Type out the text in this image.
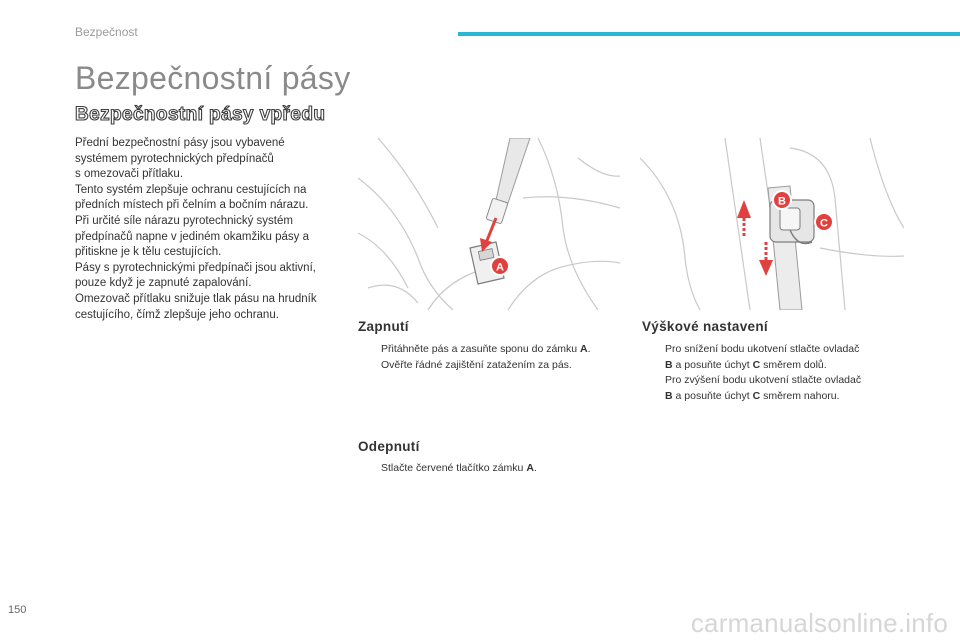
Bezpečnost
Bezpečnostní pásy
Bezpečnostní pásy vpředu

Přední bezpečnostní pásy jsou vybavené

systémem pyrotechnických předpínačů

s omezovači přítlaku.

Tento systém zlepšuje ochranu cestujících na

předních místech při čelním a bočním nárazu.

Při určité síle nárazu pyrotechnický systém

předpínačů napne v jediném okamžiku pásy a

přitiskne je k tělu cestujících.

Pásy s pyrotechnickými předpínači jsou aktivní,

pouze když je zapnuté zapalování.

Omezovač přítlaku snižuje tlak pásu na hrudník

cestujícího, čímž zlepšuje jeho ochranu.

A
B
C
Zapnutí
Přitáhněte pás a zasuňte sponu do zámku A.
Ověřte řádné zajištění zatažením za pás.
Odepnutí
Stlačte červené tlačítko zámku A.
Výškové nastavení
Pro snížení bodu ukotvení stlačte ovladač
B a posuňte úchyt C směrem dolů.
Pro zvýšení bodu ukotvení stlačte ovladač
B a posuňte úchyt C směrem nahoru.
150	carmanualsonline.info
